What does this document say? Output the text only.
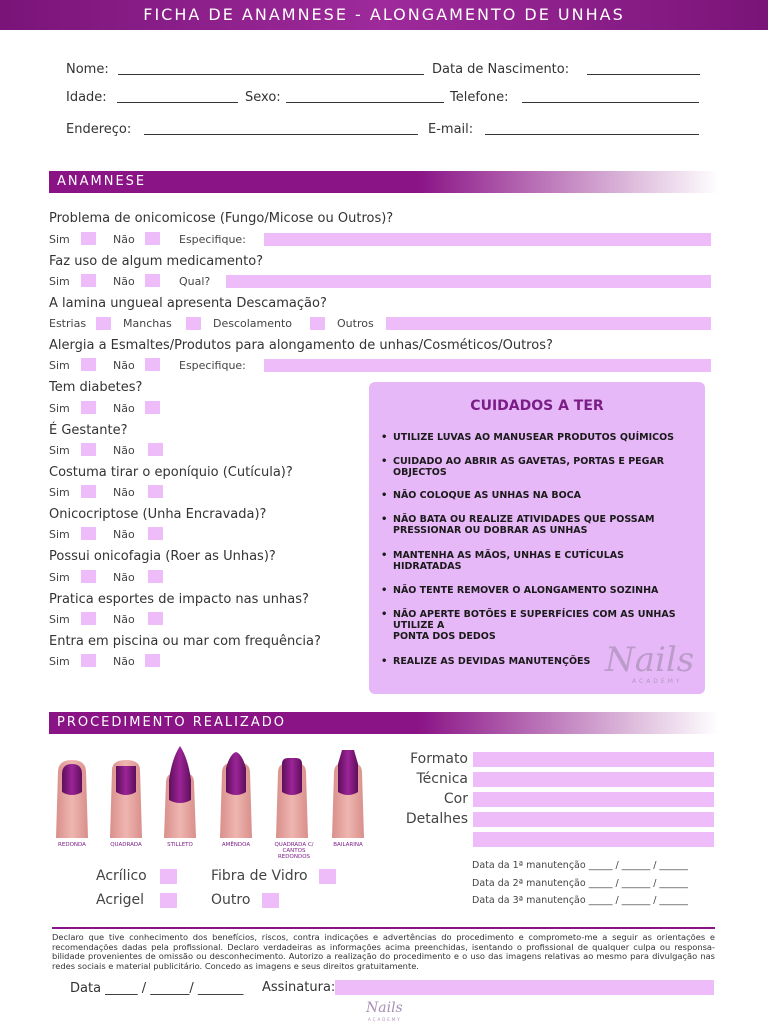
FICHA DE ANAMNESE - ALONGAMENTO DE UNHAS
Nome:	Data de Nascimento:
Idade:	Sexo:	Telefone:
Endereço:	E-mail:
ANAMNESE
Problema de onicomicose (Fungo/Micose ou Outros)?
Sim	Não	Especifique:
Faz uso de algum medicamento?
Sim	Não	Qual?
A lamina ungueal apresenta Descamação?
Estrias	Manchas	Descolamento	Outros
Alergia a Esmaltes/Produtos para alongamento de unhas/Cosméticos/Outros?
Sim	Não	Especifique:
Tem diabetes?
Sim	Não
É Gestante?
Sim	Não
Costuma tirar o eponíquio (Cutícula)?
Sim	Não
Onicocriptose (Unha Encravada)?
Sim	Não
Possui onicofagia (Roer as Unhas)?
Sim	Não
Pratica esportes de impacto nas unhas?
Sim	Não
Entra em piscina ou mar com frequência?
Sim	Não
CUIDADOS A TER
• UTILIZE LUVAS AO MANUSEAR PRODUTOS QUÍMICOS
• CUIDADO AO ABRIR AS GAVETAS, PORTAS E PEGAR
OBJECTOS
• NÃO COLOQUE AS UNHAS NA BOCA
• NÃO BATA OU REALIZE ATIVIDADES QUE POSSAM
PRESSIONAR OU DOBRAR AS UNHAS
• MANTENHA AS MÃOS, UNHAS E CUTÍCULAS
HIDRATADAS
• NÃO TENTE REMOVER O ALONGAMENTO SOZINHA
• NÃO APERTE BOTÕES E SUPERFÍCIES COM AS UNHAS
UTILIZE A
PONTA DOS DEDOS
• REALIZE AS DEVIDAS MANUTENÇÕES Nails
ACADEMY
PROCEDIMENTO REALIZADO
REDONDA	QUADRADA	STILLETO	AMÊNDOA	QUADRADA C/ CANTOS REDONDOS
BAILARINA
Formato
Técnica
Cor
Detalhes
Acrílico	Fibra de Vidro
Acrigel	Outro
Data da 1ª manutenção _____ / ______ / ______
Data da 2ª manutenção _____ / ______ / ______
Data da 3ª manutenção _____ / ______ / ______
Declaro que tive conhecimento dos benefícios, riscos, contra indicações e advertências do procedimento e comprometo-me a seguir as orientações e recomendações dadas pela profissional. Declaro verdadeiras as informações acima preenchidas, isentando o profissional de qualquer culpa ou responsa- bilidade provenientes de omissão ou desconhecimento. Autorizo a realização do procedimento e o uso das imagens relativas ao mesmo para divulgação nas redes sociais e material publicitário. Concedo as imagens e seus direitos gratuitamente.
Data _____ / ______/ _______ Assinatura:
Nails
ACADEMY
